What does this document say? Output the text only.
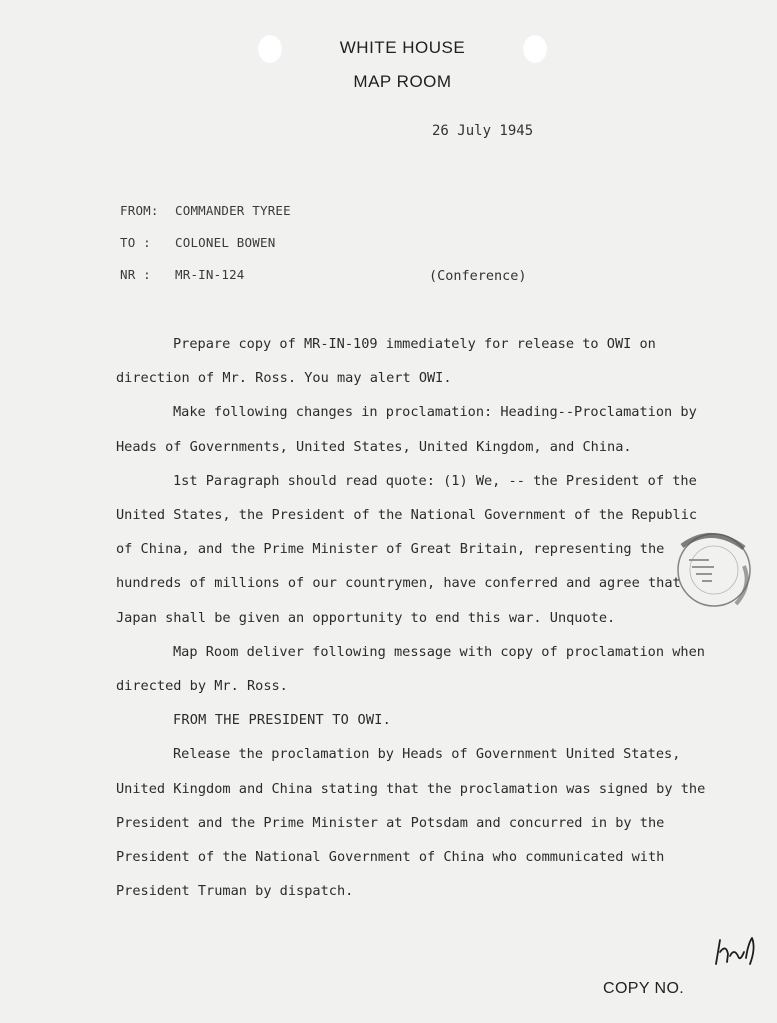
WHITE HOUSE
MAP ROOM
26 July 1945
FROM: COMMANDER TYREE
TO : COLONEL BOWEN
NR : MR-IN-124	(Conference)

Prepare copy of MR-IN-109 immediately for release to OWI on direction of Mr. Ross. You may alert OWI.

Make following changes in proclamation: Heading--Proclamation by Heads of Governments, United States, United Kingdom, and China.

1st Paragraph should read quote: (1) We, -- the President of the United States, the President of the National Government of the Republic of China, and the Prime Minister of Great Britain, representing the hundreds of millions of our countrymen, have conferred and agree that Japan shall be given an opportunity to end this war. Unquote.

Map Room deliver following message with copy of proclamation when directed by Mr. Ross.

FROM THE PRESIDENT TO OWI.

Release the proclamation by Heads of Government United States, United Kingdom and China stating that the proclamation was signed by the President and the Prime Minister at Potsdam and concurred in by the President of the National Government of China who communicated with President Truman by dispatch.

COPY NO.
